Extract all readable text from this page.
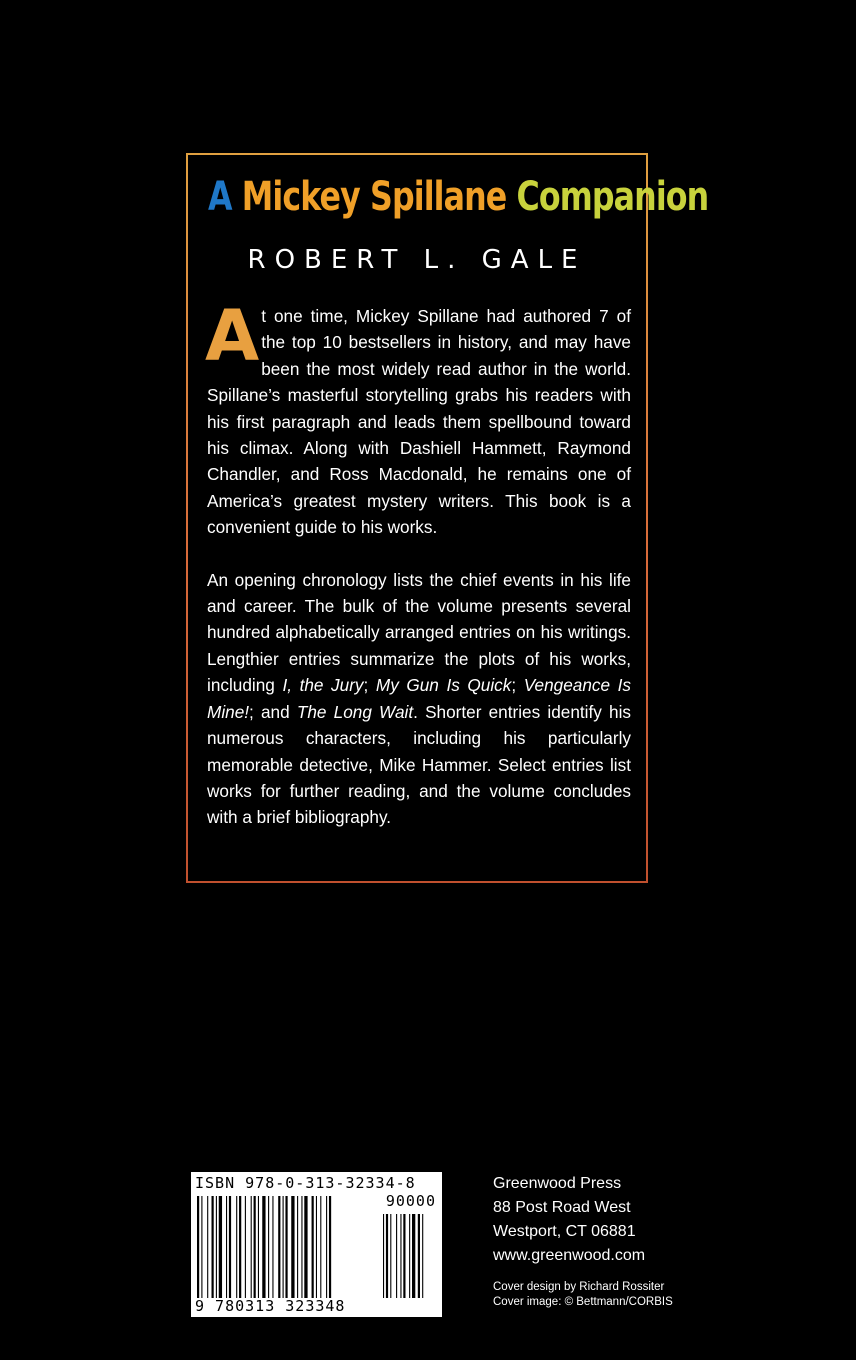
A Mickey Spillane Companion
ROBERT L. GALE

At one time, Mickey Spillane had authored 7 of the top 10 bestsellers in history, and may have been the most widely read author in the world. Spillane’s masterful storytelling grabs his readers with his first paragraph and leads them spellbound toward his climax. Along with Dashiell Hammett, Raymond Chandler, and Ross Macdonald, he remains one of America’s greatest mystery writers. This book is a convenient guide to his works.

An opening chronology lists the chief events in his life and career. The bulk of the volume presents several hundred alphabetically arranged entries on his writings. Lengthier entries summarize the plots of his works, including I, the Jury; My Gun Is Quick; Vengeance Is Mine!; and The Long Wait. Shorter entries identify his numerous characters, including his particularly memorable detective, Mike Hammer. Select entries list works for further reading, and the volume concludes with a brief bibliography.

ISBN 978-0-313-32334-8
90000
9 780313 323348
Greenwood Press
88 Post Road West
Westport, CT 06881
www.greenwood.com
Cover design by Richard Rossiter
Cover image: © Bettmann/CORBIS
